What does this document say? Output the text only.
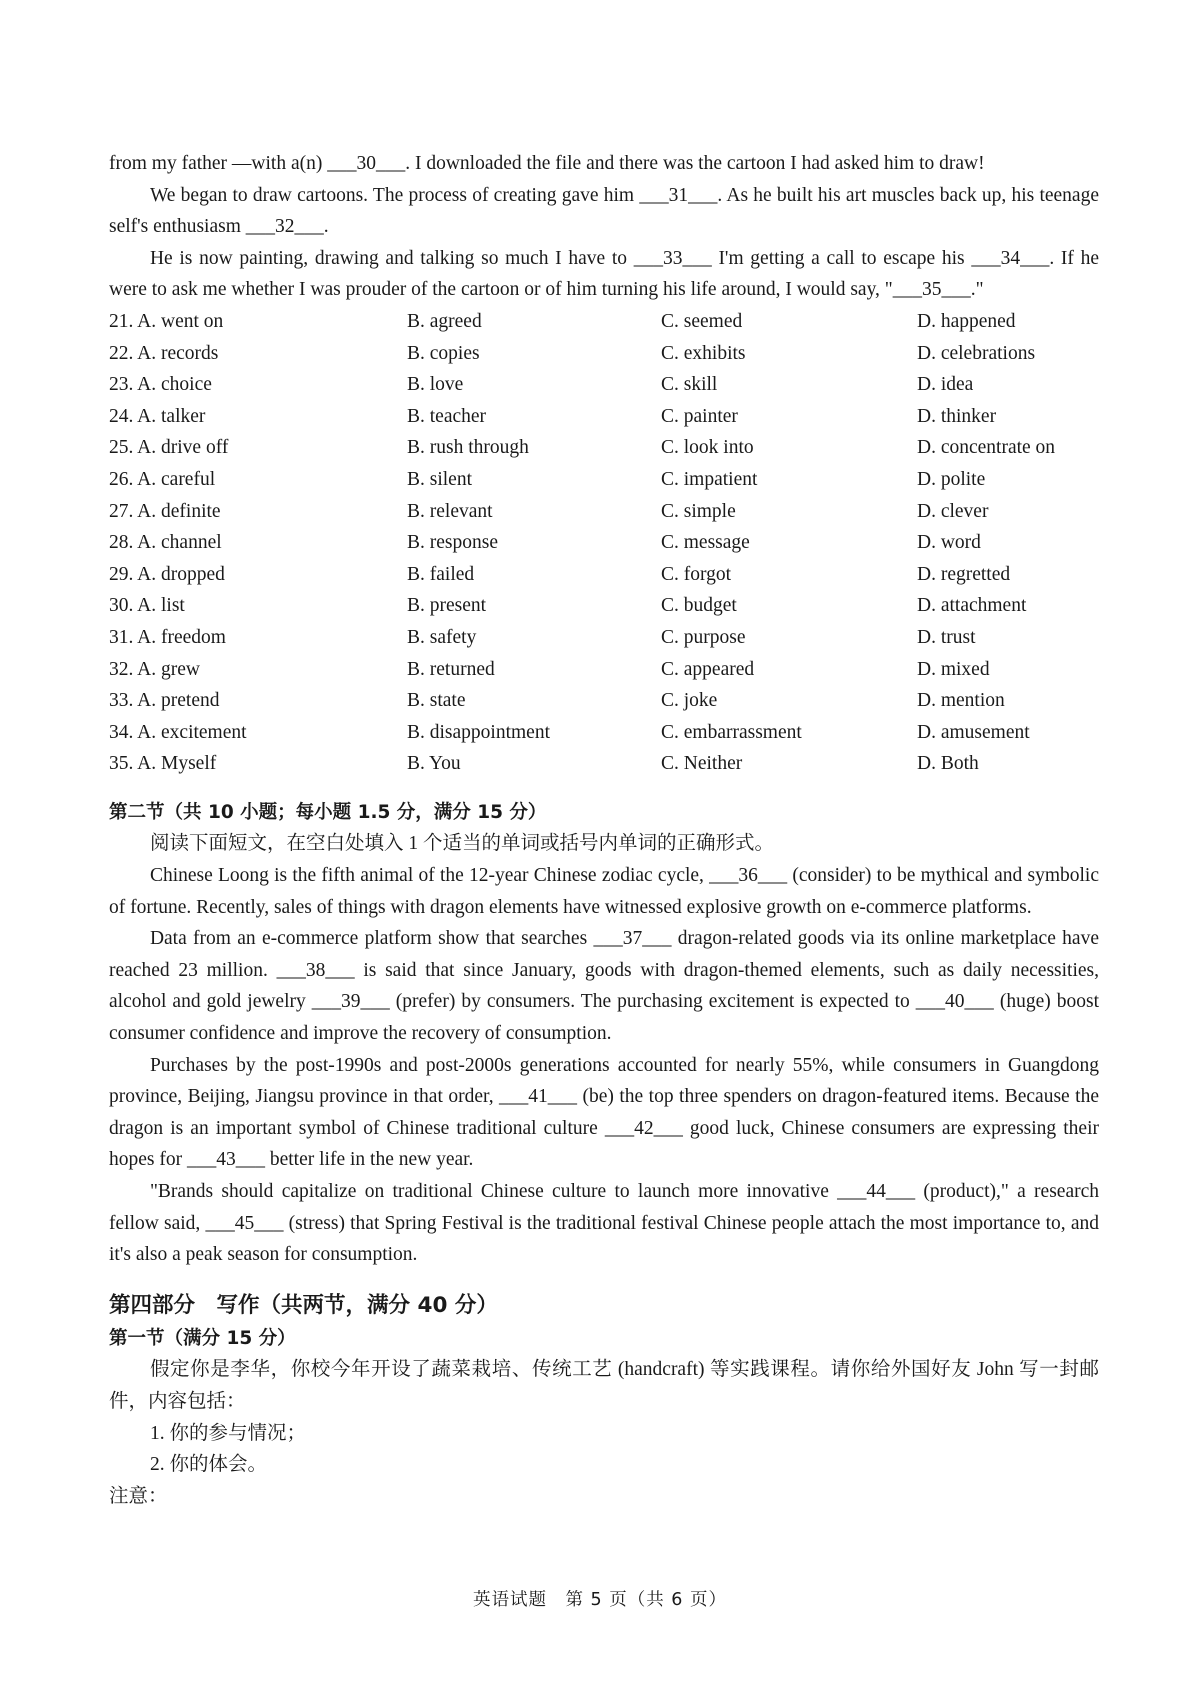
from my father —with a(n) ___30___. I downloaded the file and there was the cartoon I had asked him to draw!

We began to draw cartoons. The process of creating gave him ___31___. As he built his art muscles back up, his teenage self's enthusiasm ___32___.

He is now painting, drawing and talking so much I have to ___33___ I'm getting a call to escape his ___34___. If he were to ask me whether I was prouder of the cartoon or of him turning his life around, I would say, "___35___."

21. A. went on	B. agreed	C. seemed	D. happened
22. A. records	B. copies	C. exhibits	D. celebrations
23. A. choice	B. love	C. skill	D. idea
24. A. talker	B. teacher	C. painter	D. thinker
25. A. drive off	B. rush through	C. look into	D. concentrate on
26. A. careful	B. silent	C. impatient	D. polite
27. A. definite	B. relevant	C. simple	D. clever
28. A. channel	B. response	C. message	D. word
29. A. dropped	B. failed	C. forgot	D. regretted
30. A. list	B. present	C. budget	D. attachment
31. A. freedom	B. safety	C. purpose	D. trust
32. A. grew	B. returned	C. appeared	D. mixed
33. A. pretend	B. state	C. joke	D. mention
34. A. excitement	B. disappointment	C. embarrassment	D. amusement
35. A. Myself	B. You	C. Neither	D. Both

第二节（共 10 小题；每小题 1.5 分，满分 15 分）

阅读下面短文，在空白处填入 1 个适当的单词或括号内单词的正确形式。

Chinese Loong is the fifth animal of the 12-year Chinese zodiac cycle, ___36___ (consider) to be mythical and symbolic of fortune. Recently, sales of things with dragon elements have witnessed explosive growth on e-commerce platforms.

Data from an e-commerce platform show that searches ___37___ dragon-related goods via its online marketplace have reached 23 million. ___38___ is said that since January, goods with dragon-themed elements, such as daily necessities, alcohol and gold jewelry ___39___ (prefer) by consumers. The purchasing excitement is expected to ___40___ (huge) boost consumer confidence and improve the recovery of consumption.

Purchases by the post-1990s and post-2000s generations accounted for nearly 55%, while consumers in Guangdong province, Beijing, Jiangsu province in that order, ___41___ (be) the top three spenders on dragon-featured items. Because the dragon is an important symbol of Chinese traditional culture ___42___ good luck, Chinese consumers are expressing their hopes for ___43___ better life in the new year.

"Brands should capitalize on traditional Chinese culture to launch more innovative ___44___ (product)," a research fellow said, ___45___ (stress) that Spring Festival is the traditional festival Chinese people attach the most importance to, and it's also a peak season for consumption.

第四部分　写作（共两节，满分 40 分）

第一节（满分 15 分）

假定你是李华，你校今年开设了蔬菜栽培、传统工艺 (handcraft) 等实践课程。请你给外国好友 John 写一封邮件，内容包括：

1. 你的参与情况；

2. 你的体会。

注意：

英语试题　第 5 页（共 6 页）
